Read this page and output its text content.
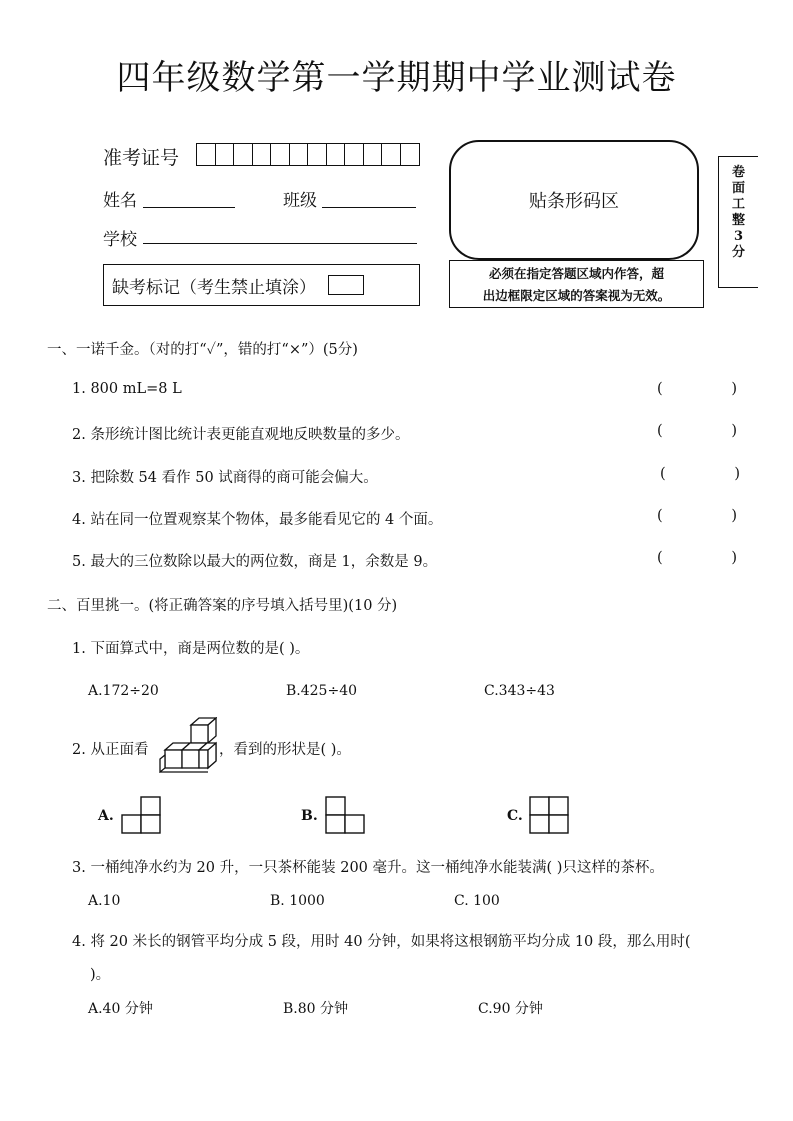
四年级数学第一学期期中学业测试卷
准考证号
姓名	班级
学校
缺考标记（考生禁止填涂）
贴条形码区
必须在指定答题区域内作答，超
出边框限定区域的答案视为无效。
卷
面
工
整
3
分
一、一诺千金。（对的打“✓”，错的打“×”）(5分)
1. 800 mL=8 L	(	)
2. 条形统计图比统计表更能直观地反映数量的多少。	(	)
3. 把除数 54 看作 50 试商得的商可能会偏大。	(	)
4. 站在同一位置观察某个物体，最多能看见它的 4 个面。	(	)
5. 最大的三位数除以最大的两位数，商是 1，余数是 9。	(	)
二、百里挑一。(将正确答案的序号填入括号里)(10 分)
1. 下面算式中，商是两位数的是( )。
A.172÷20	B.425÷40	C.343÷43
2. 从正面看	，看到的形状是( )。
A.	B.	C.
3. 一桶纯净水约为 20 升，一只茶杯能装 200 毫升。这一桶纯净水能装满( )只这样的茶杯。
A.10	B. 1000	C. 100
4. 将 20 米长的钢管平均分成 5 段，用时 40 分钟，如果将这根钢筋平均分成 10 段，那么用时(
)。
A.40 分钟	B.80 分钟	C.90 分钟
